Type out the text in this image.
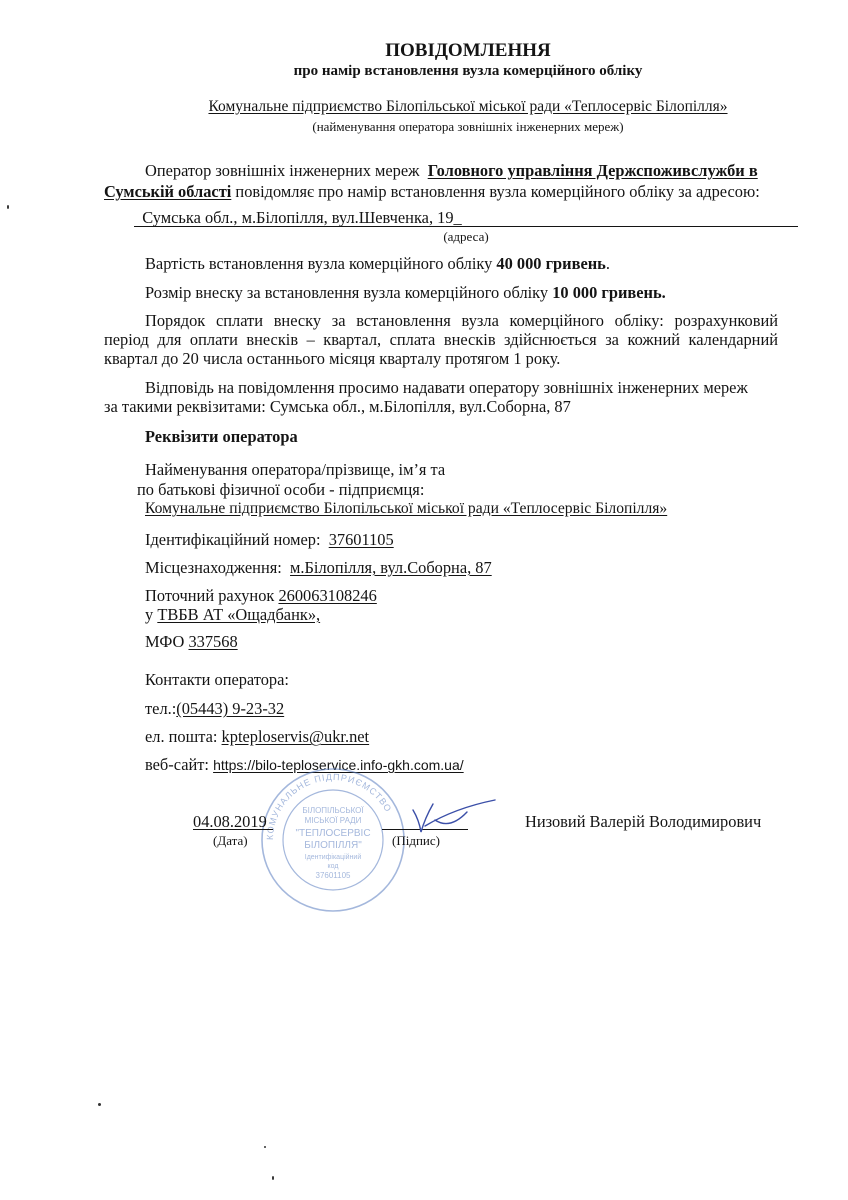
ПОВІДОМЛЕННЯ
про намір встановлення вузла комерційного обліку
Комунальне підприємство Білопільської міської ради «Теплосервіс Білопілля»
(найменування оператора зовнішніх інженерних мереж)
Оператор зовнішніх інженерних мереж Головного управління Держспоживслужби в
Сумській області повідомляє про намір встановлення вузла комерційного обліку за адресою:
Сумська обл., м.Білопілля, вул.Шевченка, 19_
(адреса)
Вартість встановлення вузла комерційного обліку 40 000 гривень.
Розмір внеску за встановлення вузла комерційного обліку 10 000 гривень.
Порядок сплати внеску за встановлення вузла комерційного обліку: розрахунковий
період для оплати внесків – квартал, сплата внесків здійснюється за кожний календарний
квартал до 20 числа останнього місяця кварталу протягом 1 року.
Відповідь на повідомлення просимо надавати оператору зовнішніх інженерних мереж
за такими реквізитами: Сумська обл., м.Білопілля, вул.Соборна, 87
Реквізити оператора
Найменування оператора/прізвище, ім’я та
по батькові фізичної особи - підприємця:
Комунальне підприємство Білопільської міської ради «Теплосервіс Білопілля»
Ідентифікаційний номер: 37601105
Місцезнаходження: м.Білопілля, вул.Соборна, 87
Поточний рахунок 260063108246
у ТВБВ АТ «Ощадбанк»,
МФО 337568
Контакти оператора:
тел.:(05443) 9-23-32
ел. пошта: kpteploservis@ukr.net
веб-сайт: https://bilo-teploservice.info-gkh.com.ua/
КОМУНАЛЬНЕ ПІДПРИЄМСТВО
БІЛОПІЛЬСЬКОЇ
МІСЬКОЇ РАДИ
"ТЕПЛОСЕРВІС
БІЛОПІЛЛЯ"
Ідентифікаційний
код
37601105
04.08.2019
(Дата)	(Підпис)
Низовий Валерій Володимирович
